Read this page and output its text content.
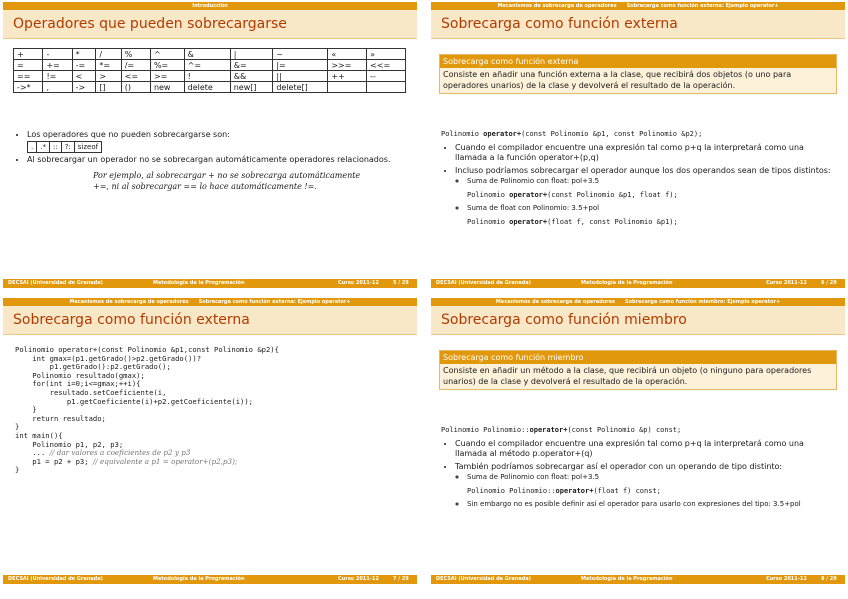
Introducción
Operadores que pueden sobrecargarse
+	-	*	/	%	^	&	|	~	«	»
=	+=	-=	*=	/=	%=	^=	&=	|=	>>=	<<=
==	!=	<	>	<=	>=	!	&&	||	++	--
->*	,	->	[]	()	new	delete	new[]	delete[]		
• Los operadores que no pueden sobrecargarse son:
. .* :: ?: sizeof
• Al sobrecargar un operador no se sobrecargan automáticamente operadores relacionados.
Por ejemplo, al sobrecargar + no se sobrecarga automáticamente +=, ni al sobrecargar == lo hace automáticamente !=.
DECSAI (Universidad de Granada)	Metodología de la Programación	Curso 2011-12	5 / 29
Mecanismos de sobrecarga de operadores Sobrecarga como función externa: Ejemplo operator+
Sobrecarga como función externa
Sobrecarga como función externa
Consiste en añadir una función externa a la clase, que recibirá dos objetos (o uno para operadores unarios) de la clase y devolverá el resultado de la operación.
Polinomio operator+(const Polinomio &p1, const Polinomio &p2);
• Cuando el compilador encuentre una expresión tal como p+q la interpretará como una llamada a la función operator+(p,q)
• Incluso podríamos sobrecargar el operador aunque los dos operandos sean de tipos distintos:
◦ Suma de Polinomio con float: pol+3.5
Polinomio operator+(const Polinomio &p1, float f);
◦ Suma de float con Polinomio: 3.5+pol
Polinomio operator+(float f, const Polinomio &p1);
DECSAI (Universidad de Granada)	Metodología de la Programación	Curso 2011-12	6 / 29
Mecanismos de sobrecarga de operadores Sobrecarga como función externa: Ejemplo operator+
Sobrecarga como función externa
Polinomio operator+(const Polinomio &p1,const Polinomio &p2){
int gmax=(p1.getGrado()>p2.getGrado())?
p1.getGrado():p2.getGrado();
Polinomio resultado(gmax);
for(int i=0;i<=gmax;++i){
resultado.setCoeficiente(i,
p1.getCoeficiente(i)+p2.getCoeficiente(i));
}
return resultado;
}
int main(){
Polinomio p1, p2, p3;
... // dar valores a coeficientes de p2 y p3
p1 = p2 + p3; // equivalente a p1 = operator+(p2,p3);
}
DECSAI (Universidad de Granada)	Metodología de la Programación	Curso 2011-12	7 / 29
Mecanismos de sobrecarga de operadores Sobrecarga como función miembro: Ejemplo operator+
Sobrecarga como función miembro
Sobrecarga como función miembro
Consiste en añadir un método a la clase, que recibirá un objeto (o ninguno para operadores unarios) de la clase y devolverá el resultado de la operación.
Polinomio Polinomio::operator+(const Polinomio &p) const;
• Cuando el compilador encuentre una expresión tal como p+q la interpretará como una llamada al método p.operator+(q)
• También podríamos sobrecargar así el operador con un operando de tipo distinto:
◦ Suma de Polinomio con float: pol+3.5
Polinomio Polinomio::operator+(float f) const;
◦ Sin embargo no es posible definir así el operador para usarlo con expresiones del tipo: 3.5+pol
DECSAI (Universidad de Granada)	Metodología de la Programación	Curso 2011-12	8 / 29
